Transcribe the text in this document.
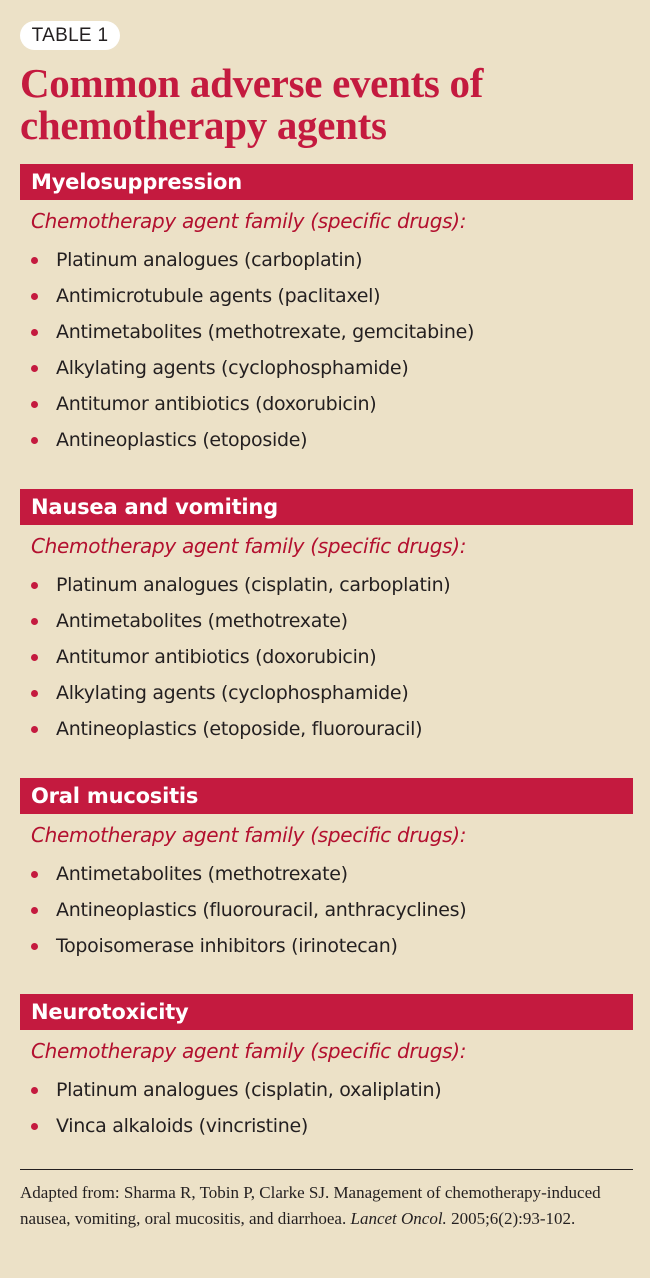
TABLE 1
Common adverse events of chemotherapy agents
Myelosuppression
Chemotherapy agent family (specific drugs):
Platinum analogues (carboplatin)
Antimicrotubule agents (paclitaxel)
Antimetabolites (methotrexate, gemcitabine)
Alkylating agents (cyclophosphamide)
Antitumor antibiotics (doxorubicin)
Antineoplastics (etoposide)
Nausea and vomiting
Chemotherapy agent family (specific drugs):
Platinum analogues (cisplatin, carboplatin)
Antimetabolites (methotrexate)
Antitumor antibiotics (doxorubicin)
Alkylating agents (cyclophosphamide)
Antineoplastics (etoposide, fluorouracil)
Oral mucositis
Chemotherapy agent family (specific drugs):
Antimetabolites (methotrexate)
Antineoplastics (fluorouracil, anthracyclines)
Topoisomerase inhibitors (irinotecan)
Neurotoxicity
Chemotherapy agent family (specific drugs):
Platinum analogues (cisplatin, oxaliplatin)
Vinca alkaloids (vincristine)

Adapted from: Sharma R, Tobin P, Clarke SJ. Management of chemotherapy-induced nausea, vomiting, oral mucositis, and diarrhoea. Lancet Oncol. 2005;6(2):93-102.
